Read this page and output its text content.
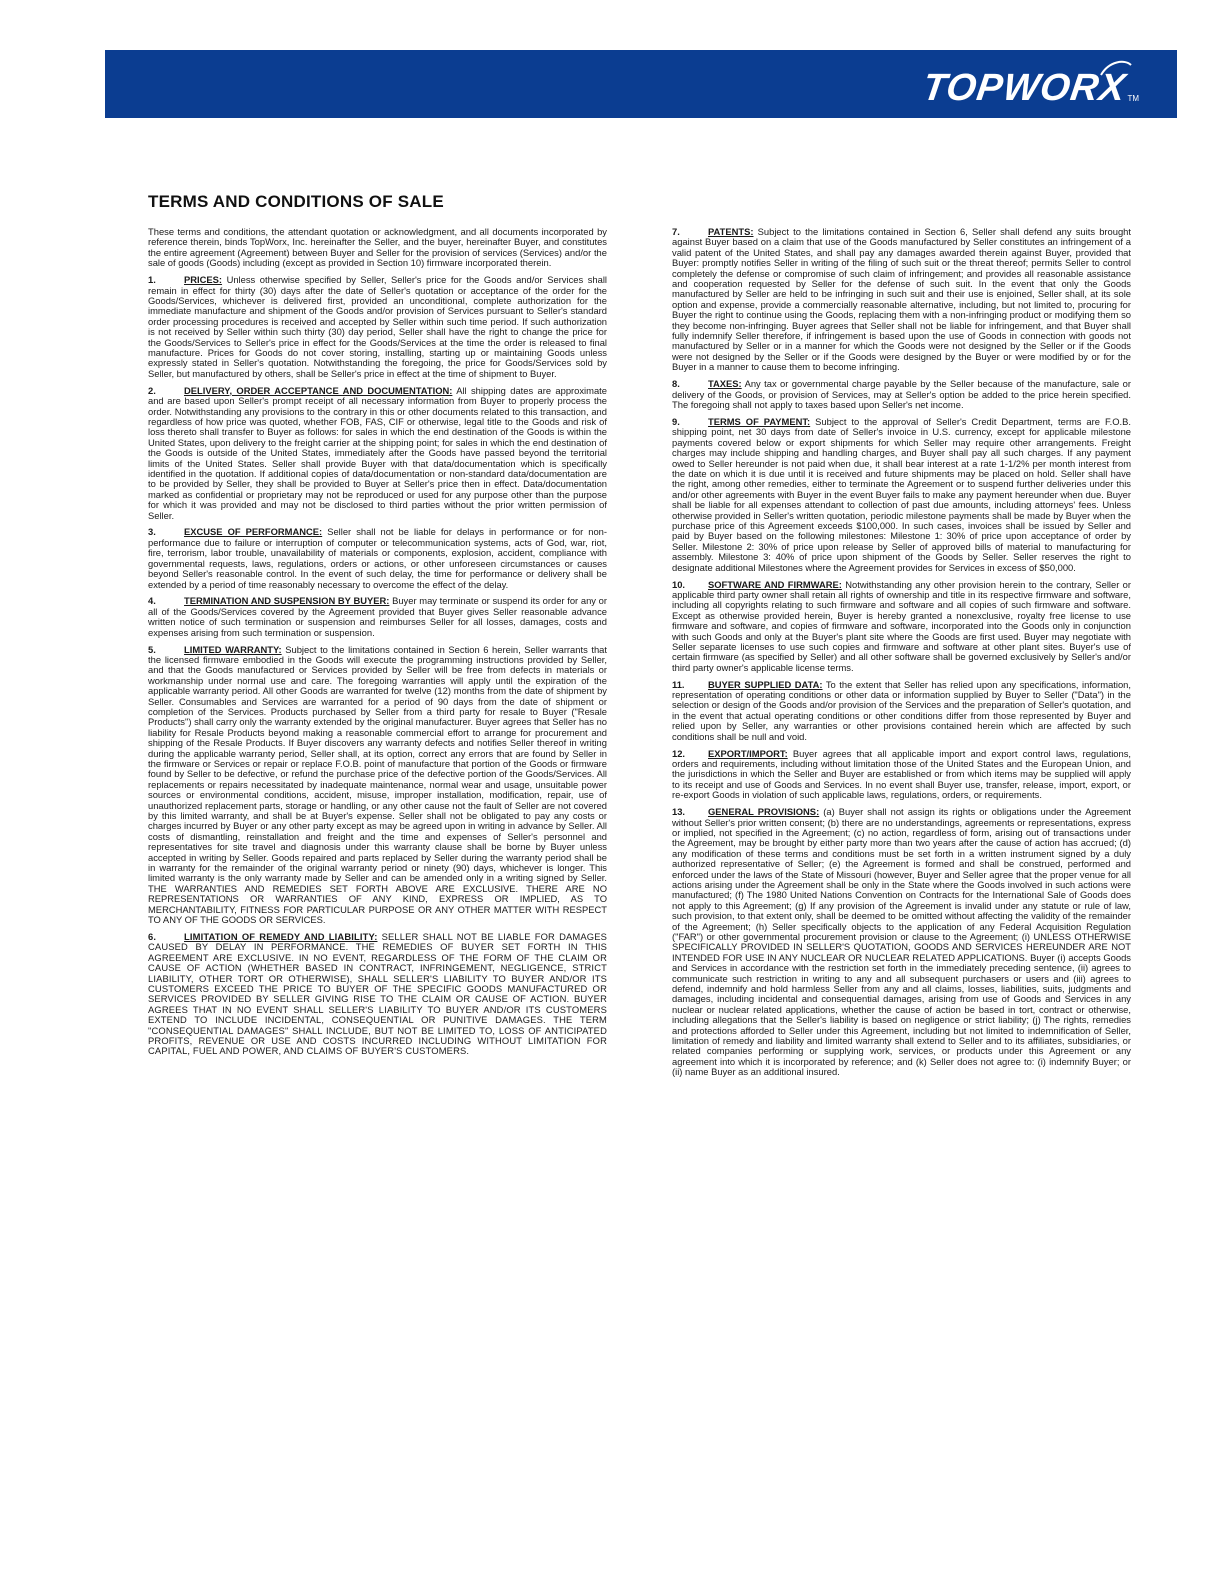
TOPWORX TM
TERMS AND CONDITIONS OF SALE

These terms and conditions, the attendant quotation or acknowledgment, and all documents incorporated by reference therein, binds TopWorx, Inc. hereinafter the Seller, and the buyer, hereinafter Buyer, and constitutes the entire agreement (Agreement) between Buyer and Seller for the provision of services (Services) and/or the sale of goods (Goods) including (except as provided in Section 10) firmware incorporated therein.

1.	PRICES: Unless otherwise specified by Seller, Seller's price for the Goods and/or Services shall remain in effect for thirty (30) days after the date of Seller's quotation or acceptance of the order for the Goods/Services, whichever is delivered first, provided an unconditional, complete authorization for the immediate manufacture and shipment of the Goods and/or provision of Services pursuant to Seller's standard order processing procedures is received and accepted by Seller within such time period. If such authorization is not received by Seller within such thirty (30) day period, Seller shall have the right to change the price for the Goods/Services to Seller's price in effect for the Goods/Services at the time the order is released to final manufacture. Prices for Goods do not cover storing, installing, starting up or maintaining Goods unless expressly stated in Seller's quotation. Notwithstanding the foregoing, the price for Goods/Services sold by Seller, but manufactured by others, shall be Seller's price in effect at the time of shipment to Buyer.

2.	DELIVERY, ORDER ACCEPTANCE AND DOCUMENTATION: All shipping dates are approximate and are based upon Seller's prompt receipt of all necessary information from Buyer to properly process the order. Notwithstanding any provisions to the contrary in this or other documents related to this transaction, and regardless of how price was quoted, whether FOB, FAS, CIF or otherwise, legal title to the Goods and risk of loss thereto shall transfer to Buyer as follows: for sales in which the end destination of the Goods is within the United States, upon delivery to the freight carrier at the shipping point; for sales in which the end destination of the Goods is outside of the United States, immediately after the Goods have passed beyond the territorial limits of the United States. Seller shall provide Buyer with that data/documentation which is specifically identified in the quotation. If additional copies of data/documentation or non-standard data/documentation are to be provided by Seller, they shall be provided to Buyer at Seller's price then in effect. Data/documentation marked as confidential or proprietary may not be reproduced or used for any purpose other than the purpose for which it was provided and may not be disclosed to third parties without the prior written permission of Seller.

3.	EXCUSE OF PERFORMANCE: Seller shall not be liable for delays in performance or for non-performance due to failure or interruption of computer or telecommunication systems, acts of God, war, riot, fire, terrorism, labor trouble, unavailability of materials or components, explosion, accident, compliance with governmental requests, laws, regulations, orders or actions, or other unforeseen circumstances or causes beyond Seller's reasonable control. In the event of such delay, the time for performance or delivery shall be extended by a period of time reasonably necessary to overcome the effect of the delay.

4.	TERMINATION AND SUSPENSION BY BUYER: Buyer may terminate or suspend its order for any or all of the Goods/Services covered by the Agreement provided that Buyer gives Seller reasonable advance written notice of such termination or suspension and reimburses Seller for all losses, damages, costs and expenses arising from such termination or suspension.

5.	LIMITED WARRANTY: Subject to the limitations contained in Section 6 herein, Seller warrants that the licensed firmware embodied in the Goods will execute the programming instructions provided by Seller, and that the Goods manufactured or Services provided by Seller will be free from defects in materials or workmanship under normal use and care. The foregoing warranties will apply until the expiration of the applicable warranty period. All other Goods are warranted for twelve (12) months from the date of shipment by Seller. Consumables and Services are warranted for a period of 90 days from the date of shipment or completion of the Services. Products purchased by Seller from a third party for resale to Buyer ("Resale Products") shall carry only the warranty extended by the original manufacturer. Buyer agrees that Seller has no liability for Resale Products beyond making a reasonable commercial effort to arrange for procurement and shipping of the Resale Products. If Buyer discovers any warranty defects and notifies Seller thereof in writing during the applicable warranty period, Seller shall, at its option, correct any errors that are found by Seller in the firmware or Services or repair or replace F.O.B. point of manufacture that portion of the Goods or firmware found by Seller to be defective, or refund the purchase price of the defective portion of the Goods/Services. All replacements or repairs necessitated by inadequate maintenance, normal wear and usage, unsuitable power sources or environmental conditions, accident, misuse, improper installation, modification, repair, use of unauthorized replacement parts, storage or handling, or any other cause not the fault of Seller are not covered by this limited warranty, and shall be at Buyer's expense. Seller shall not be obligated to pay any costs or charges incurred by Buyer or any other party except as may be agreed upon in writing in advance by Seller. All costs of dismantling, reinstallation and freight and the time and expenses of Seller's personnel and representatives for site travel and diagnosis under this warranty clause shall be borne by Buyer unless accepted in writing by Seller. Goods repaired and parts replaced by Seller during the warranty period shall be in warranty for the remainder of the original warranty period or ninety (90) days, whichever is longer. This limited warranty is the only warranty made by Seller and can be amended only in a writing signed by Seller. THE WARRANTIES AND REMEDIES SET FORTH ABOVE ARE EXCLUSIVE. THERE ARE NO REPRESENTATIONS OR WARRANTIES OF ANY KIND, EXPRESS OR IMPLIED, AS TO MERCHANTABILITY, FITNESS FOR PARTICULAR PURPOSE OR ANY OTHER MATTER WITH RESPECT TO ANY OF THE GOODS OR SERVICES.

6.	LIMITATION OF REMEDY AND LIABILITY: SELLER SHALL NOT BE LIABLE FOR DAMAGES CAUSED BY DELAY IN PERFORMANCE. THE REMEDIES OF BUYER SET FORTH IN THIS AGREEMENT ARE EXCLUSIVE. IN NO EVENT, REGARDLESS OF THE FORM OF THE CLAIM OR CAUSE OF ACTION (WHETHER BASED IN CONTRACT, INFRINGEMENT, NEGLIGENCE, STRICT LIABILITY, OTHER TORT OR OTHERWISE), SHALL SELLER'S LIABILITY TO BUYER AND/OR ITS CUSTOMERS EXCEED THE PRICE TO BUYER OF THE SPECIFIC GOODS MANUFACTURED OR SERVICES PROVIDED BY SELLER GIVING RISE TO THE CLAIM OR CAUSE OF ACTION. BUYER AGREES THAT IN NO EVENT SHALL SELLER'S LIABILITY TO BUYER AND/OR ITS CUSTOMERS EXTEND TO INCLUDE INCIDENTAL, CONSEQUENTIAL OR PUNITIVE DAMAGES. THE TERM "CONSEQUENTIAL DAMAGES" SHALL INCLUDE, BUT NOT BE LIMITED TO, LOSS OF ANTICIPATED PROFITS, REVENUE OR USE AND COSTS INCURRED INCLUDING WITHOUT LIMITATION FOR CAPITAL, FUEL AND POWER, AND CLAIMS OF BUYER'S CUSTOMERS.

7.	PATENTS: Subject to the limitations contained in Section 6, Seller shall defend any suits brought against Buyer based on a claim that use of the Goods manufactured by Seller constitutes an infringement of a valid patent of the United States, and shall pay any damages awarded therein against Buyer, provided that Buyer: promptly notifies Seller in writing of the filing of such suit or the threat thereof; permits Seller to control completely the defense or compromise of such claim of infringement; and provides all reasonable assistance and cooperation requested by Seller for the defense of such suit. In the event that only the Goods manufactured by Seller are held to be infringing in such suit and their use is enjoined, Seller shall, at its sole option and expense, provide a commercially reasonable alternative, including, but not limited to, procuring for Buyer the right to continue using the Goods, replacing them with a non-infringing product or modifying them so they become non-infringing. Buyer agrees that Seller shall not be liable for infringement, and that Buyer shall fully indemnify Seller therefore, if infringement is based upon the use of Goods in connection with goods not manufactured by Seller or in a manner for which the Goods were not designed by the Seller or if the Goods were not designed by the Seller or if the Goods were designed by the Buyer or were modified by or for the Buyer in a manner to cause them to become infringing.

8.	TAXES: Any tax or governmental charge payable by the Seller because of the manufacture, sale or delivery of the Goods, or provision of Services, may at Seller's option be added to the price herein specified. The foregoing shall not apply to taxes based upon Seller's net income.

9.	TERMS OF PAYMENT: Subject to the approval of Seller's Credit Department, terms are F.O.B. shipping point, net 30 days from date of Seller's invoice in U.S. currency, except for applicable milestone payments covered below or export shipments for which Seller may require other arrangements. Freight charges may include shipping and handling charges, and Buyer shall pay all such charges. If any payment owed to Seller hereunder is not paid when due, it shall bear interest at a rate 1-1/2% per month interest from the date on which it is due until it is received and future shipments may be placed on hold. Seller shall have the right, among other remedies, either to terminate the Agreement or to suspend further deliveries under this and/or other agreements with Buyer in the event Buyer fails to make any payment hereunder when due. Buyer shall be liable for all expenses attendant to collection of past due amounts, including attorneys' fees. Unless otherwise provided in Seller's written quotation, periodic milestone payments shall be made by Buyer when the purchase price of this Agreement exceeds $100,000. In such cases, invoices shall be issued by Seller and paid by Buyer based on the following milestones: Milestone 1: 30% of price upon acceptance of order by Seller. Milestone 2: 30% of price upon release by Seller of approved bills of material to manufacturing for assembly. Milestone 3: 40% of price upon shipment of the Goods by Seller. Seller reserves the right to designate additional Milestones where the Agreement provides for Services in excess of $50,000.

10. SOFTWARE AND FIRMWARE: Notwithstanding any other provision herein to the contrary, Seller or applicable third party owner shall retain all rights of ownership and title in its respective firmware and software, including all copyrights relating to such firmware and software and all copies of such firmware and software. Except as otherwise provided herein, Buyer is hereby granted a nonexclusive, royalty free license to use firmware and software, and copies of firmware and software, incorporated into the Goods only in conjunction with such Goods and only at the Buyer's plant site where the Goods are first used. Buyer may negotiate with Seller separate licenses to use such copies and firmware and software at other plant sites. Buyer's use of certain firmware (as specified by Seller) and all other software shall be governed exclusively by Seller's and/or third party owner's applicable license terms.

11. BUYER SUPPLIED DATA: To the extent that Seller has relied upon any specifications, information, representation of operating conditions or other data or information supplied by Buyer to Seller ("Data") in the selection or design of the Goods and/or provision of the Services and the preparation of Seller's quotation, and in the event that actual operating conditions or other conditions differ from those represented by Buyer and relied upon by Seller, any warranties or other provisions contained herein which are affected by such conditions shall be null and void.

12. EXPORT/IMPORT: Buyer agrees that all applicable import and export control laws, regulations, orders and requirements, including without limitation those of the United States and the European Union, and the jurisdictions in which the Seller and Buyer are established or from which items may be supplied will apply to its receipt and use of Goods and Services. In no event shall Buyer use, transfer, release, import, export, or re-export Goods in violation of such applicable laws, regulations, orders, or requirements.

13. GENERAL PROVISIONS: (a) Buyer shall not assign its rights or obligations under the Agreement without Seller's prior written consent; (b) there are no understandings, agreements or representations, express or implied, not specified in the Agreement; (c) no action, regardless of form, arising out of transactions under the Agreement, may be brought by either party more than two years after the cause of action has accrued; (d) any modification of these terms and conditions must be set forth in a written instrument signed by a duly authorized representative of Seller; (e) the Agreement is formed and shall be construed, performed and enforced under the laws of the State of Missouri (however, Buyer and Seller agree that the proper venue for all actions arising under the Agreement shall be only in the State where the Goods involved in such actions were manufactured; (f) The 1980 United Nations Convention on Contracts for the International Sale of Goods does not apply to this Agreement; (g) If any provision of the Agreement is invalid under any statute or rule of law, such provision, to that extent only, shall be deemed to be omitted without affecting the validity of the remainder of the Agreement; (h) Seller specifically objects to the application of any Federal Acquisition Regulation ("FAR") or other governmental procurement provision or clause to the Agreement; (i) UNLESS OTHERWISE SPECIFICALLY PROVIDED IN SELLER'S QUOTATION, GOODS AND SERVICES HEREUNDER ARE NOT INTENDED FOR USE IN ANY NUCLEAR OR NUCLEAR RELATED APPLICATIONS. Buyer (i) accepts Goods and Services in accordance with the restriction set forth in the immediately preceding sentence, (ii) agrees to communicate such restriction in writing to any and all subsequent purchasers or users and (iii) agrees to defend, indemnify and hold harmless Seller from any and all claims, losses, liabilities, suits, judgments and damages, including incidental and consequential damages, arising from use of Goods and Services in any nuclear or nuclear related applications, whether the cause of action be based in tort, contract or otherwise, including allegations that the Seller's liability is based on negligence or strict liability; (j) The rights, remedies and protections afforded to Seller under this Agreement, including but not limited to indemnification of Seller, limitation of remedy and liability and limited warranty shall extend to Seller and to its affiliates, subsidiaries, or related companies performing or supplying work, services, or products under this Agreement or any agreement into which it is incorporated by reference; and (k) Seller does not agree to: (i) indemnify Buyer; or (ii) name Buyer as an additional insured.
